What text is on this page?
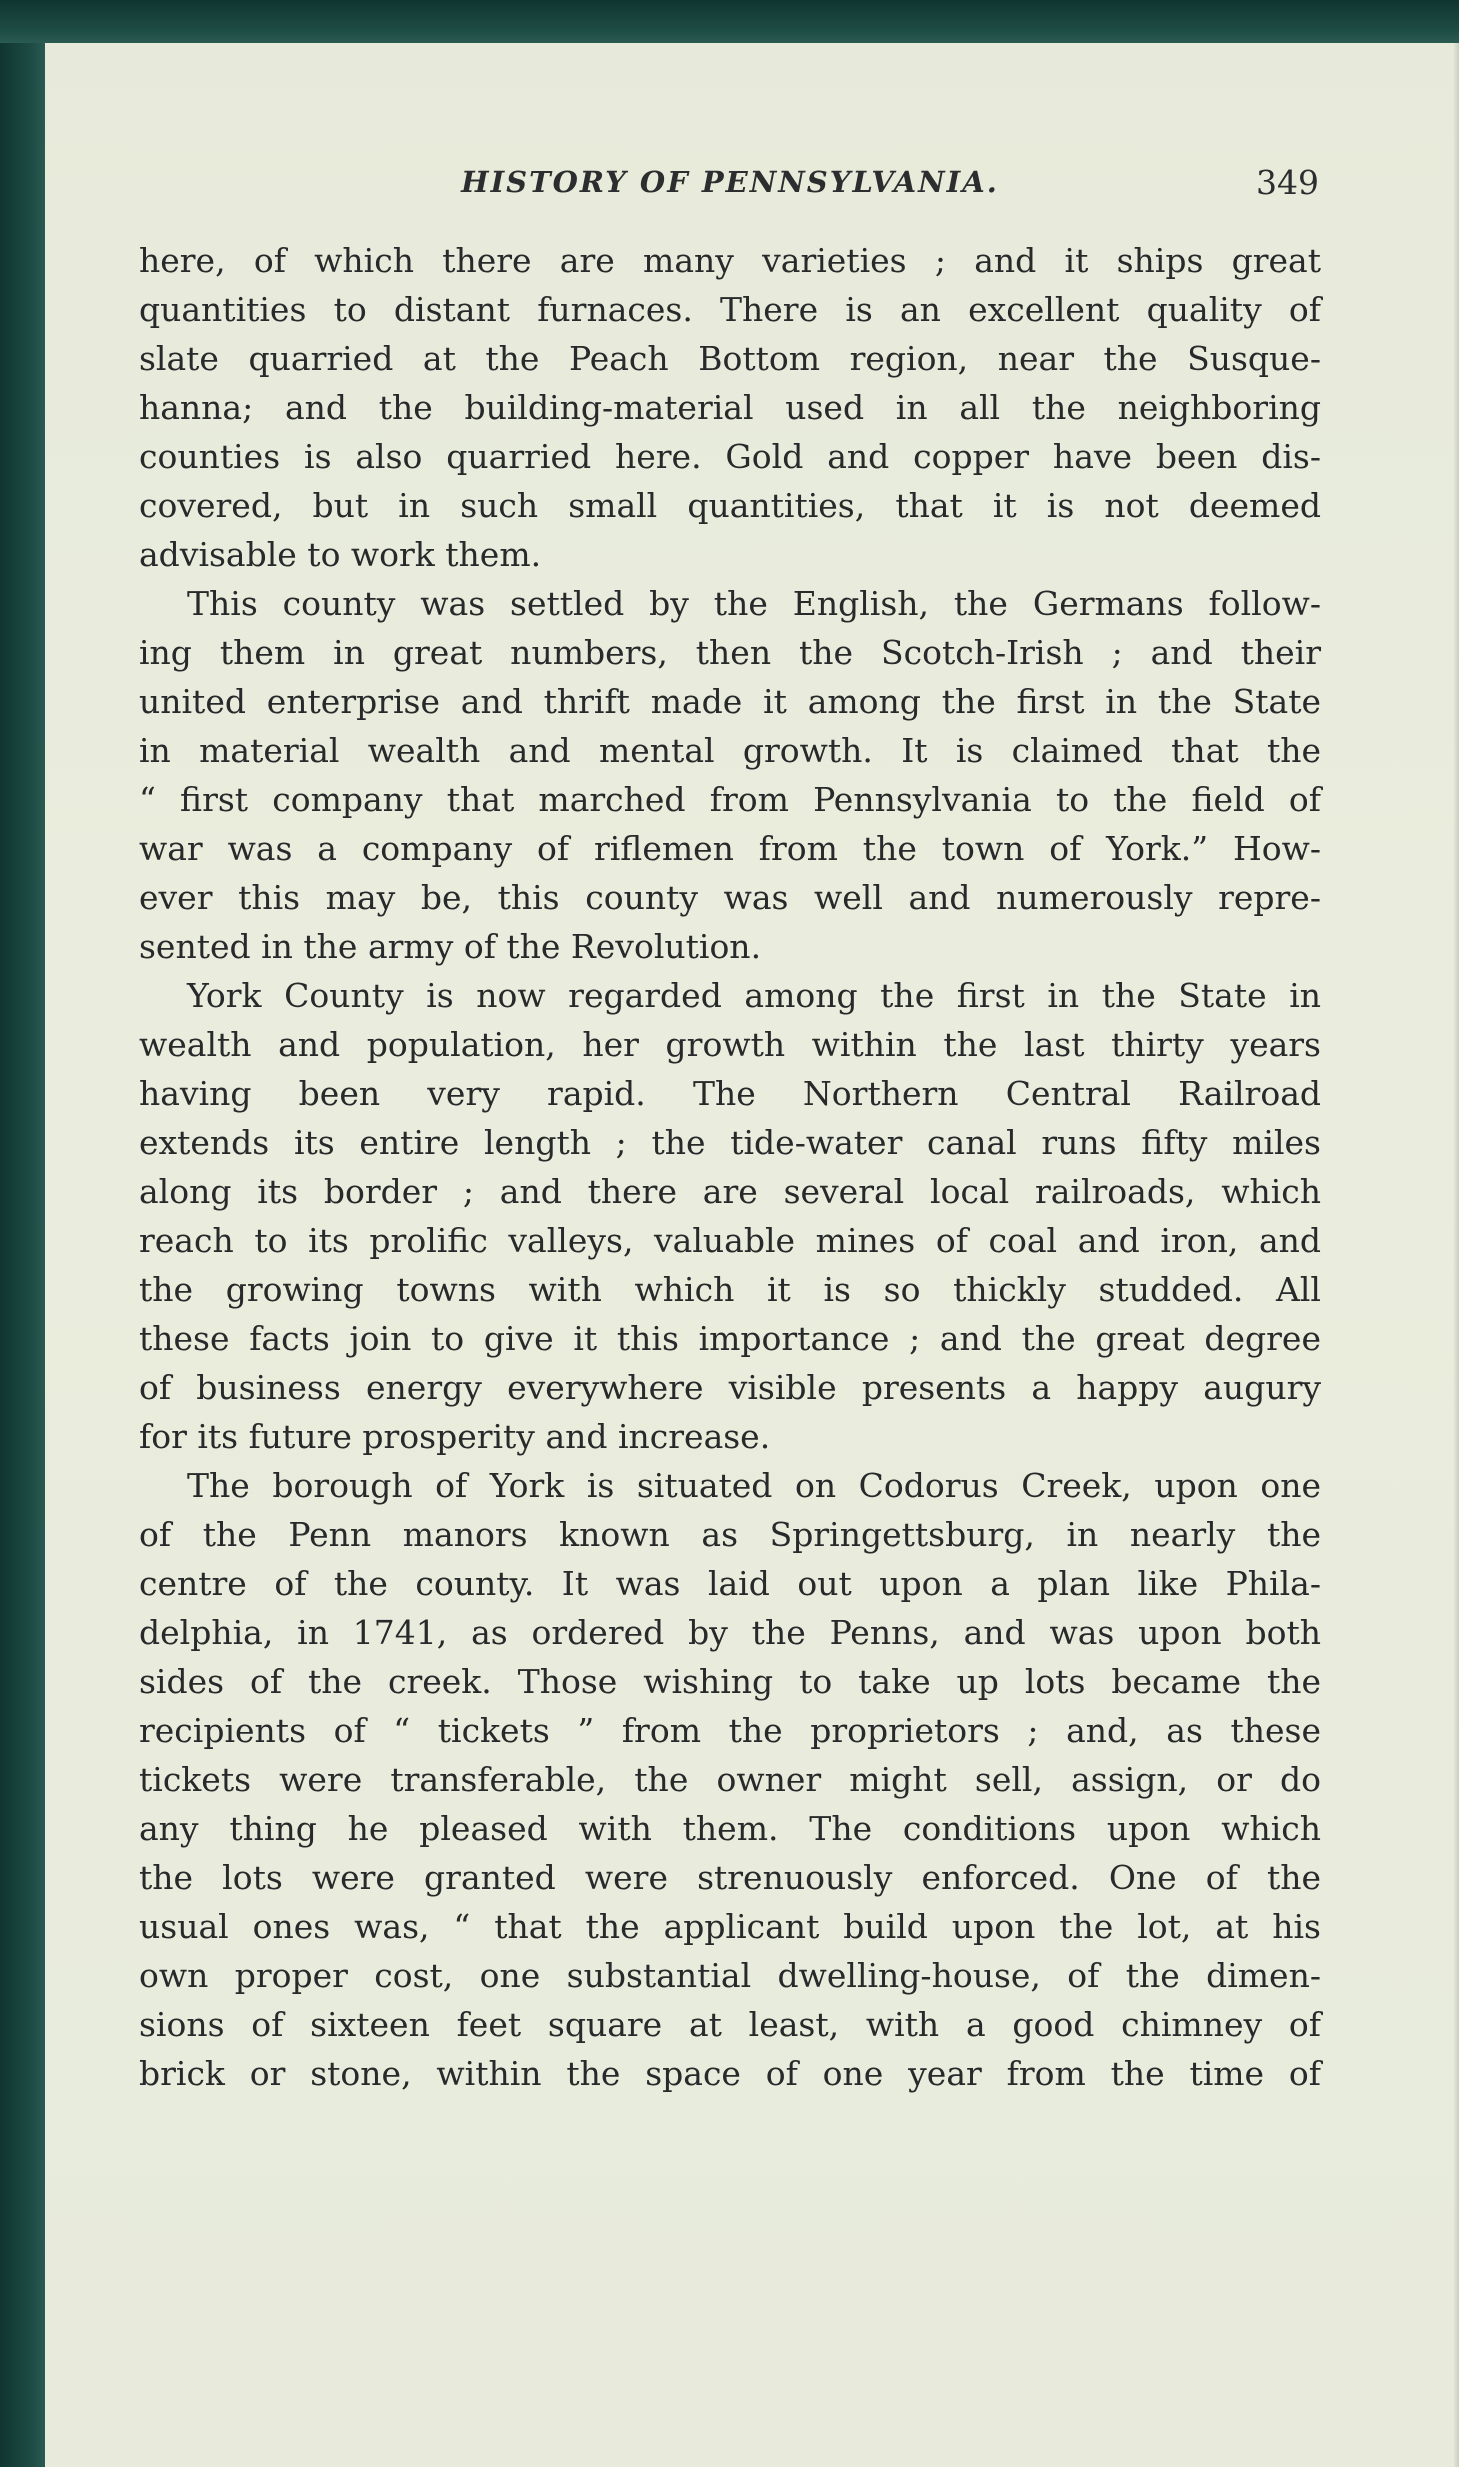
HISTORY OF PENNSYLVANIA.	349
here, of which there are many varieties ; and it ships great
quantities to distant furnaces. There is an excellent quality of
slate quarried at the Peach Bottom region, near the Susque-
hanna; and the building-material used in all the neighboring
counties is also quarried here. Gold and copper have been dis-
covered, but in such small quantities, that it is not deemed
advisable to work them.
This county was settled by the English, the Germans follow-
ing them in great numbers, then the Scotch-Irish ; and their
united enterprise and thrift made it among the first in the State
in material wealth and mental growth. It is claimed that the
“ first company that marched from Pennsylvania to the field of
war was a company of riflemen from the town of York.” How-
ever this may be, this county was well and numerously repre-
sented in the army of the Revolution.
York County is now regarded among the first in the State in
wealth and population, her growth within the last thirty years
having been very rapid. The Northern Central Railroad
extends its entire length ; the tide-water canal runs fifty miles
along its border ; and there are several local railroads, which
reach to its prolific valleys, valuable mines of coal and iron, and
the growing towns with which it is so thickly studded. All
these facts join to give it this importance ; and the great degree
of business energy everywhere visible presents a happy augury
for its future prosperity and increase.
The borough of York is situated on Codorus Creek, upon one
of the Penn manors known as Springettsburg, in nearly the
centre of the county. It was laid out upon a plan like Phila-
delphia, in 1741, as ordered by the Penns, and was upon both
sides of the creek. Those wishing to take up lots became the
recipients of “ tickets ” from the proprietors ; and, as these
tickets were transferable, the owner might sell, assign, or do
any thing he pleased with them. The conditions upon which
the lots were granted were strenuously enforced. One of the
usual ones was, “ that the applicant build upon the lot, at his
own proper cost, one substantial dwelling-house, of the dimen-
sions of sixteen feet square at least, with a good chimney of
brick or stone, within the space of one year from the time of
